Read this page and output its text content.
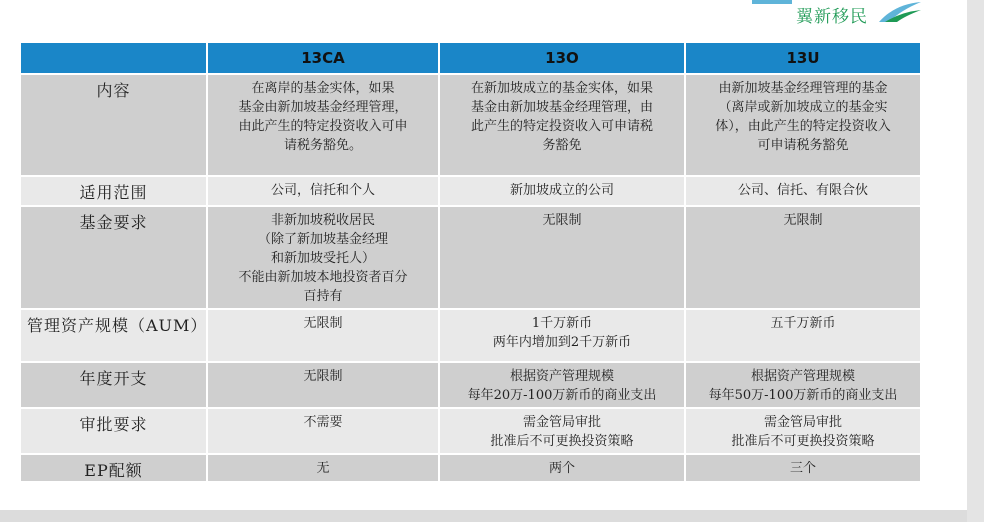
翼新移民
	13CA	13O	13U
内容	在离岸的基金实体，如果
基金由新加坡基金经理管理，
由此产生的特定投资收入可申
请税务豁免。	在新加坡成立的基金实体，如果
基金由新加坡基金经理管理，由
此产生的特定投资收入可申请税
务豁免	由新加坡基金经理管理的基金
（离岸或新加坡成立的基金实
体），由此产生的特定投资收入
可申请税务豁免
适用范围	公司，信托和个人	新加坡成立的公司	公司、信托、有限合伙
基金要求	非新加坡税收居民
（除了新加坡基金经理
和新加坡受托人）
不能由新加坡本地投资者百分
百持有	无限制	无限制
管理资产规模（AUM）	无限制	1千万新币
两年内增加到2千万新币	五千万新币
年度开支	无限制	根据资产管理规模
每年20万-100万新币的商业支出	根据资产管理规模
每年50万-100万新币的商业支出
审批要求	不需要	需金管局审批
批准后不可更换投资策略	需金管局审批
批准后不可更换投资策略
EP配额	无	两个	三个
